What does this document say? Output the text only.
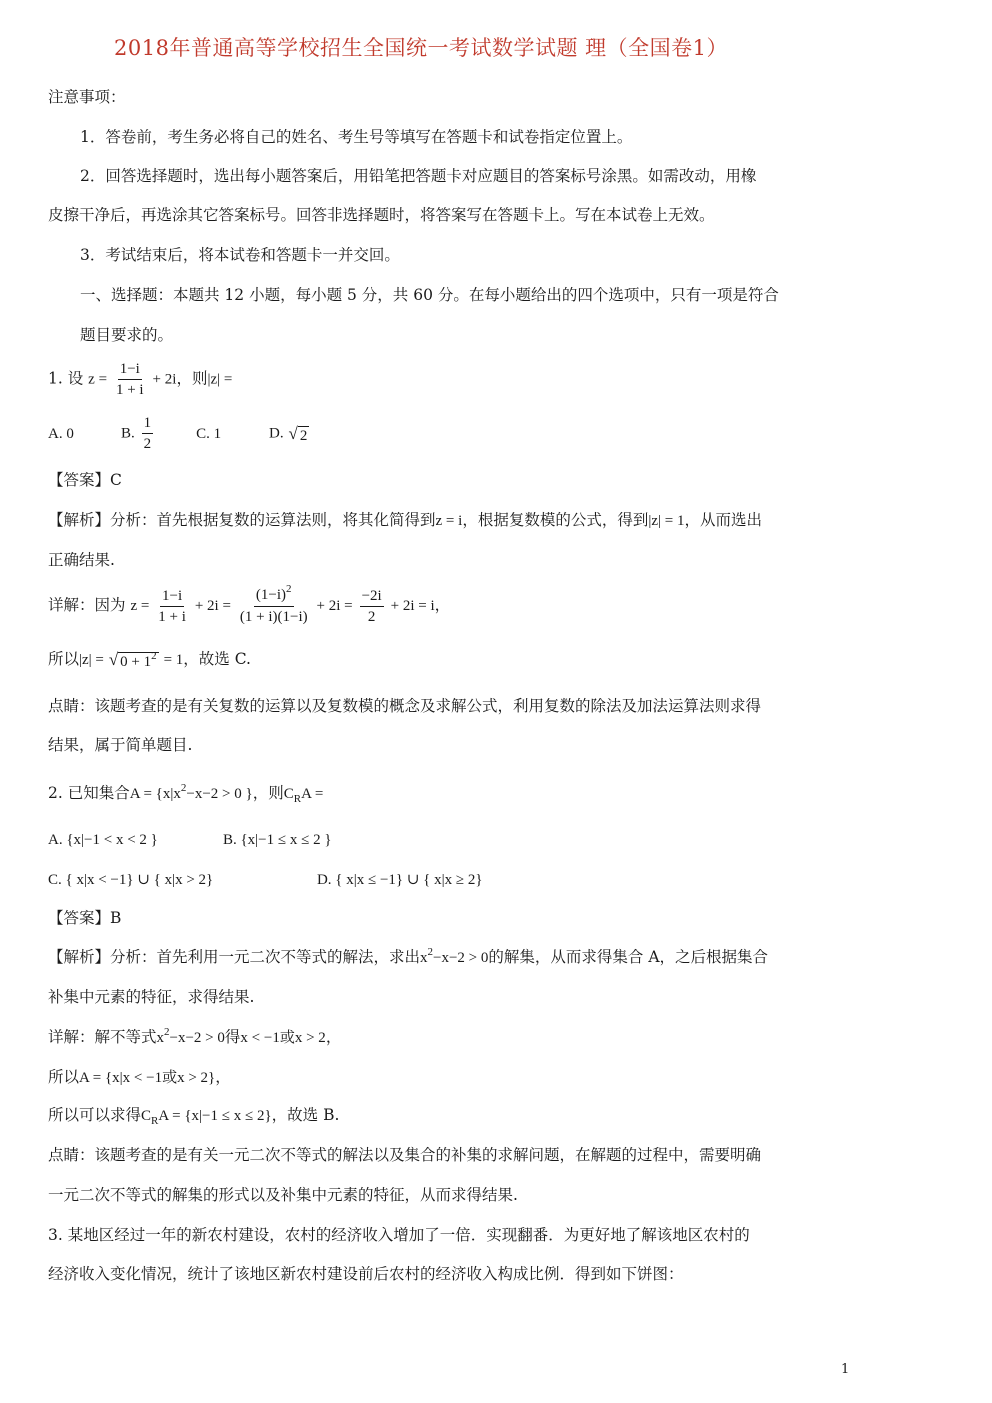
2018年普通高等学校招生全国统一考试数学试题 理（全国卷1）
注意事项：
1．答卷前，考生务必将自己的姓名、考生号等填写在答题卡和试卷指定位置上。
2．回答选择题时，选出每小题答案后，用铅笔把答题卡对应题目的答案标号涂黑。如需改动，用橡
皮擦干净后，再选涂其它答案标号。回答非选择题时，将答案写在答题卡上。写在本试卷上无效。
3．考试结束后，将本试卷和答题卡一并交回。
一、选择题：本题共 12 小题，每小题 5 分，共 60 分。在每小题给出的四个选项中，只有一项是符合
题目要求的。
1. 设 $z = \frac{1-i}{1 + i} + 2i$，则|z| =
A. 0	B. $\frac{1}{2}$	C. 1	D. √ 2
【答案】C
【解析】分析：首先根据复数的运算法则，将其化简得到z = i，根据复数模的公式，得到|z| = 1，从而选出
正确结果.
详解：因为 $z = \frac{1-i}{1 + i} + 2i = \frac{(1-i)^2}{(1 + i)(1-i)} + 2i = \frac{-2i}{2} + 2i = i$，
所以|z| = √ $0 + 1^2 = 1$，故选 C.
点睛：该题考查的是有关复数的运算以及复数模的概念及求解公式，利用复数的除法及加法运算法则求得
结果，属于简单题目.
2. 已知集合$A = \{x|x^2-x-2 > 0$ }，则$C_RA$ =
A. {x|−1 < x < 2 }	B. {x|−1 ≤ x ≤ 2 }
C. { x|x < −1} ∪ { x|x > 2}	D. { x|x ≤ −1} ∪ { x|x ≥ 2}
【答案】B
【解析】分析：首先利用一元二次不等式的解法，求出$x^2-x-2 > 0$的解集，从而求得集合 A，之后根据集合
补集中元素的特征，求得结果.
详解：解不等式$x^2-x-2 > 0$得x < −1或x > 2，
所以A = {x|x < −1或x > 2}，
所以可以求得$C_RA = \{x|-1 \le x \le 2\}$，故选 B.
点睛：该题考查的是有关一元二次不等式的解法以及集合的补集的求解问题，在解题的过程中，需要明确
一元二次不等式的解集的形式以及补集中元素的特征，从而求得结果.
3. 某地区经过一年的新农村建设，农村的经济收入增加了一倍．实现翻番．为更好地了解该地区农村的
经济收入变化情况，统计了该地区新农村建设前后农村的经济收入构成比例．得到如下饼图：
1
